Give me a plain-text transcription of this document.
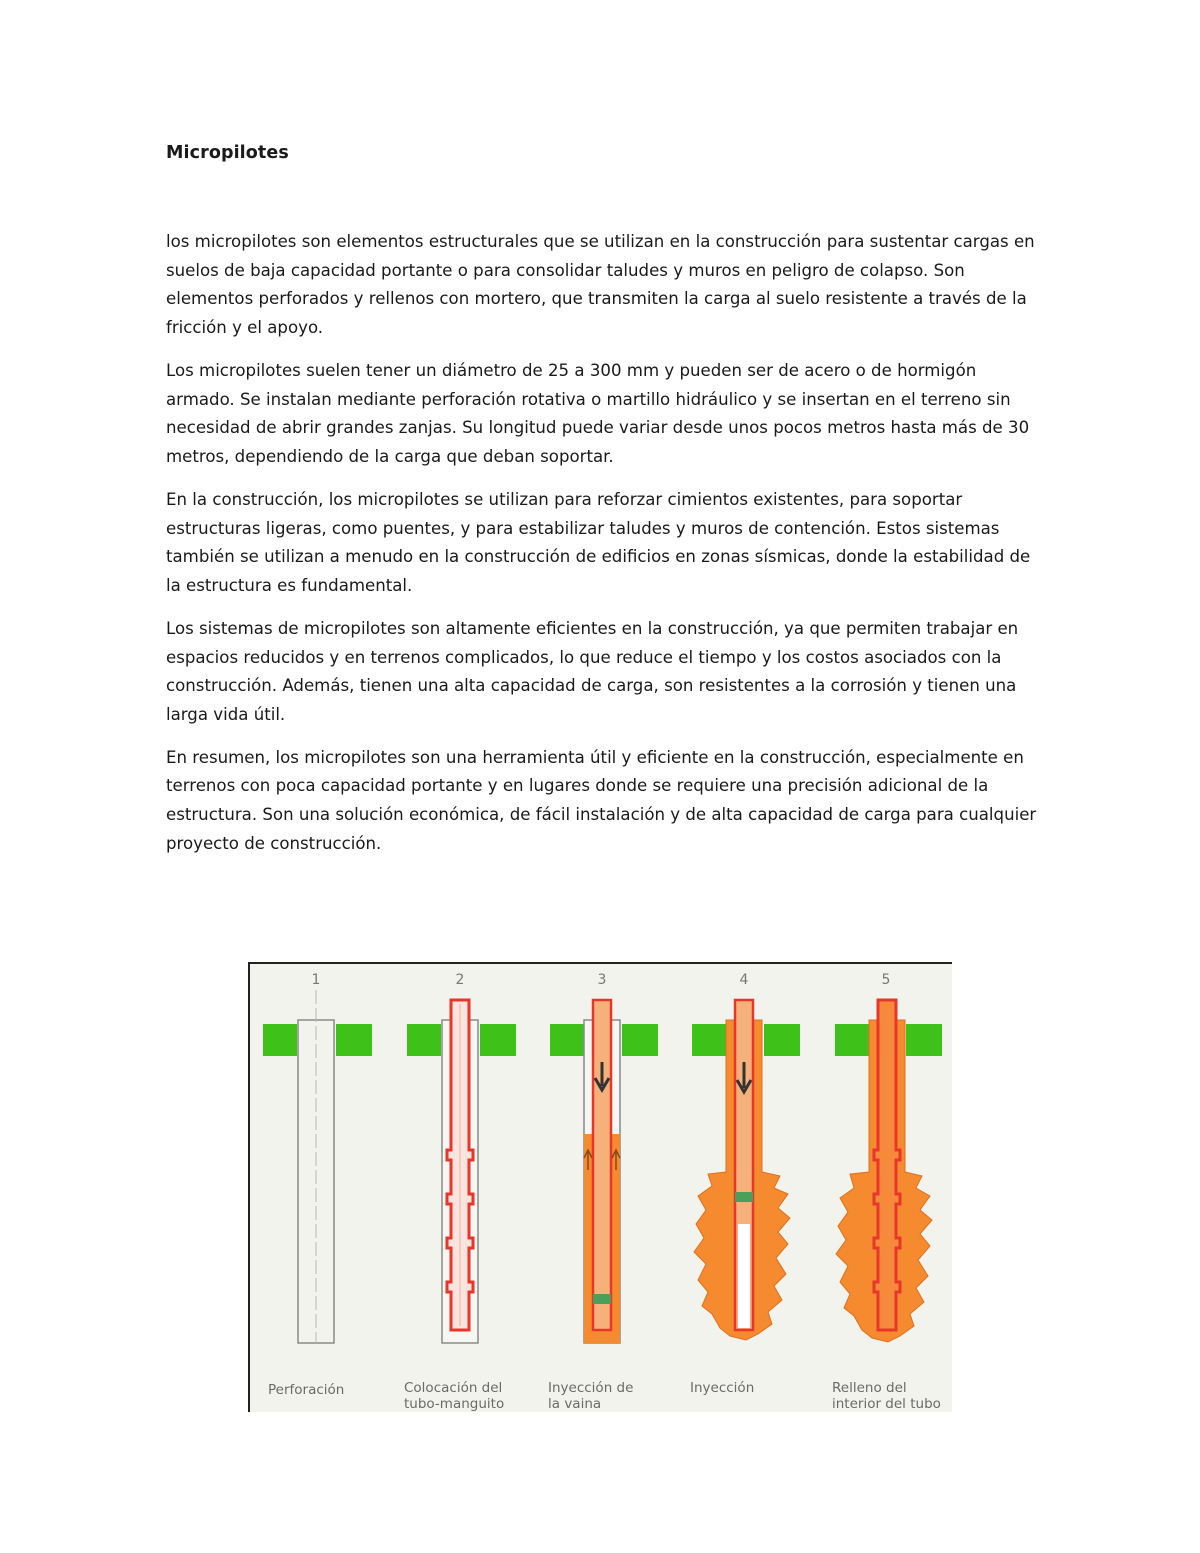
Micropilotes

los micropilotes son elementos estructurales que se utilizan en la construcción para sustentar cargas en suelos de baja capacidad portante o para consolidar taludes y muros en peligro de colapso. Son elementos perforados y rellenos con mortero, que transmiten la carga al suelo resistente a través de la fricción y el apoyo.

Los micropilotes suelen tener un diámetro de 25 a 300 mm y pueden ser de acero o de hormigón armado. Se instalan mediante perforación rotativa o martillo hidráulico y se insertan en el terreno sin necesidad de abrir grandes zanjas. Su longitud puede variar desde unos pocos metros hasta más de 30 metros, dependiendo de la carga que deban soportar.

En la construcción, los micropilotes se utilizan para reforzar cimientos existentes, para soportar estructuras ligeras, como puentes, y para estabilizar taludes y muros de contención. Estos sistemas también se utilizan a menudo en la construcción de edificios en zonas sísmicas, donde la estabilidad de la estructura es fundamental.

Los sistemas de micropilotes son altamente eficientes en la construcción, ya que permiten trabajar en espacios reducidos y en terrenos complicados, lo que reduce el tiempo y los costos asociados con la construcción. Además, tienen una alta capacidad de carga, son resistentes a la corrosión y tienen una larga vida útil.

En resumen, los micropilotes son una herramienta útil y eficiente en la construcción, especialmente en terrenos con poca capacidad portante y en lugares donde se requiere una precisión adicional de la estructura. Son una solución económica, de fácil instalación y de alta capacidad de carga para cualquier proyecto de construcción.

1	2	3	4	5
Perforación	Colocación del tubo-manguito
Inyección de la vaina
Inyección	Relleno del interior del tubo
